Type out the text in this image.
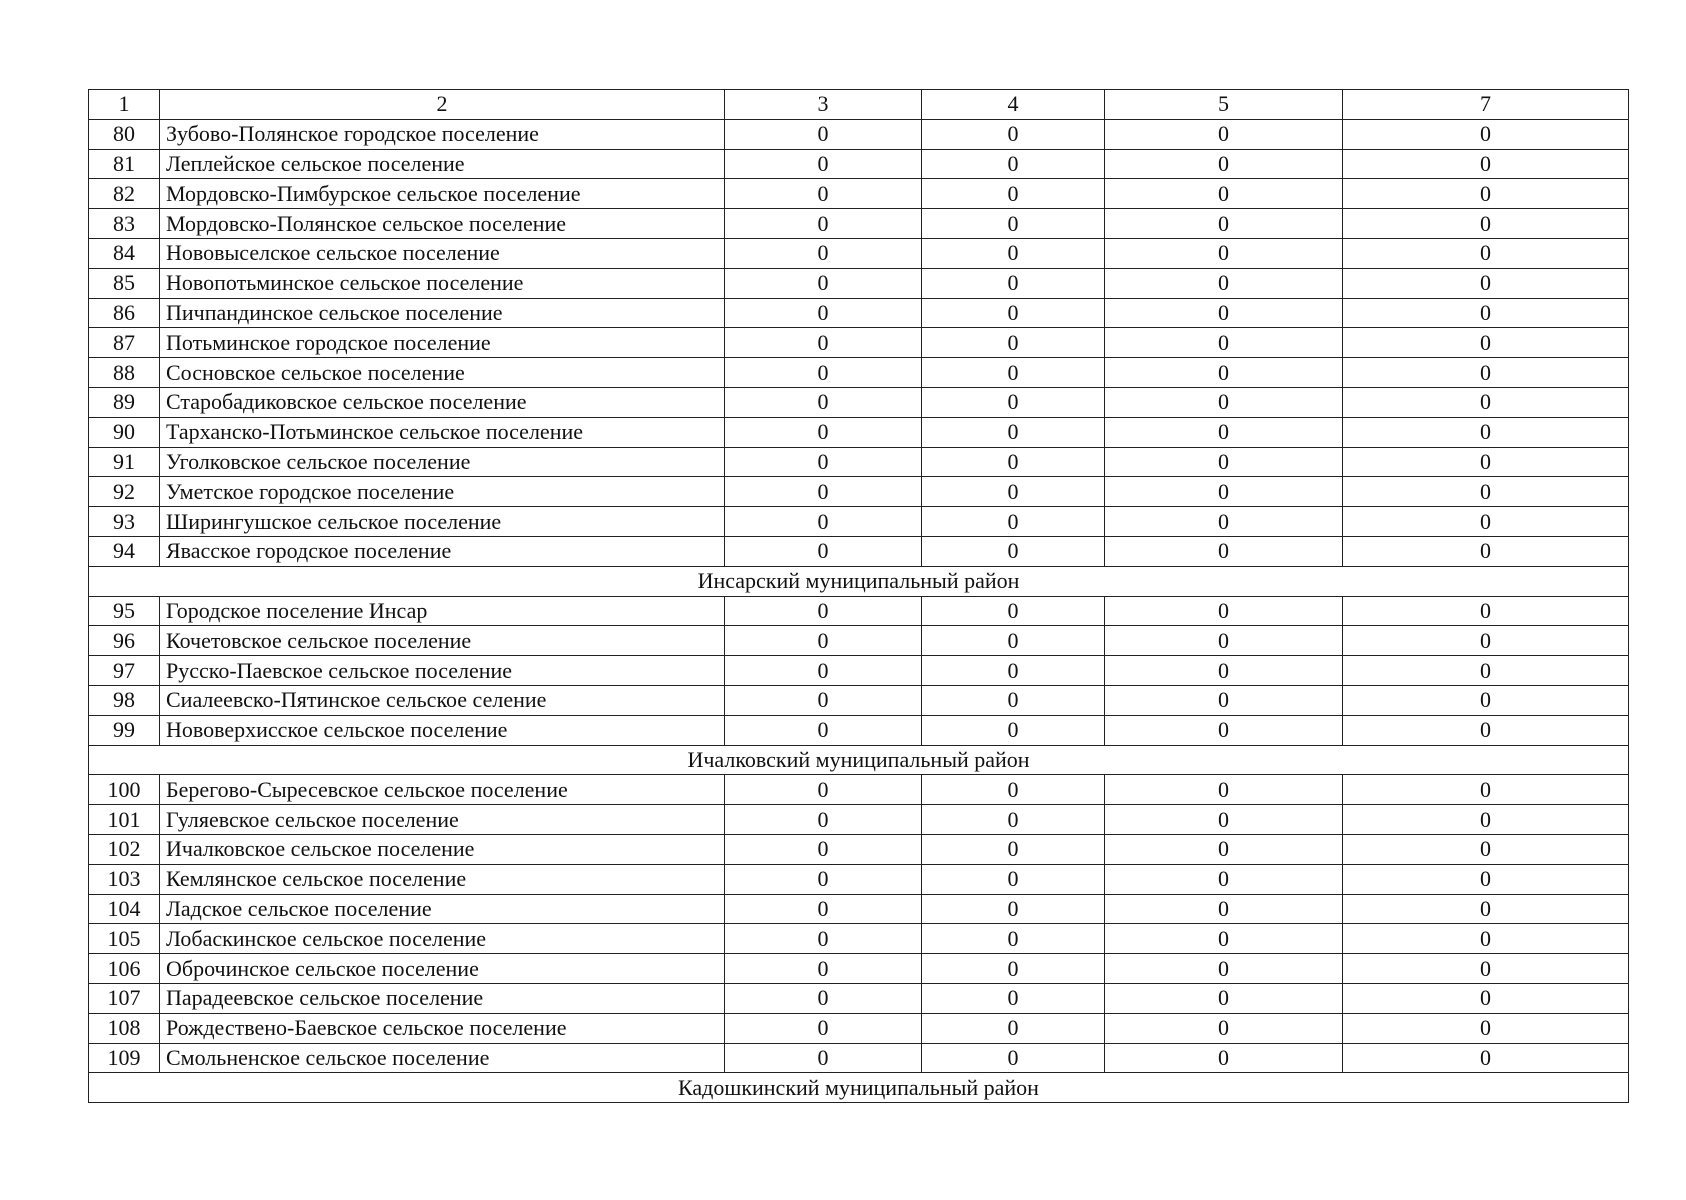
1	2	3	4	5	7
80	Зубово-Полянское городское поселение	0	0	0	0
81	Леплейское сельское поселение	0	0	0	0
82	Мордовско-Пимбурское сельское поселение	0	0	0	0
83	Мордовско-Полянское сельское поселение	0	0	0	0
84	Нововыселское сельское поселение	0	0	0	0
85	Новопотьминское сельское поселение	0	0	0	0
86	Пичпандинское сельское поселение	0	0	0	0
87	Потьминское городское поселение	0	0	0	0
88	Сосновское сельское поселение	0	0	0	0
89	Старобадиковское сельское поселение	0	0	0	0
90	Тарханско-Потьминское сельское поселение	0	0	0	0
91	Уголковское сельское поселение	0	0	0	0
92	Уметское городское поселение	0	0	0	0
93	Ширингушское сельское поселение	0	0	0	0
94	Явасское городское поселение	0	0	0	0
Инсарский муниципальный район					
95	Городское поселение Инсар	0	0	0	0
96	Кочетовское сельское поселение	0	0	0	0
97	Русско-Паевское сельское поселение	0	0	0	0
98	Сиалеевско-Пятинское сельское селение	0	0	0	0
99	Нововерхисское сельское поселение	0	0	0	0
Ичалковский муниципальный район					
100	Берегово-Сыресевское сельское поселение	0	0	0	0
101	Гуляевское сельское поселение	0	0	0	0
102	Ичалковское сельское поселение	0	0	0	0
103	Кемлянское сельское поселение	0	0	0	0
104	Ладское сельское поселение	0	0	0	0
105	Лобаскинское сельское поселение	0	0	0	0
106	Оброчинское сельское поселение	0	0	0	0
107	Парадеевское сельское поселение	0	0	0	0
108	Рождествено-Баевское сельское поселение	0	0	0	0
109	Смольненское сельское поселение	0	0	0	0
Кадошкинский муниципальный район					
